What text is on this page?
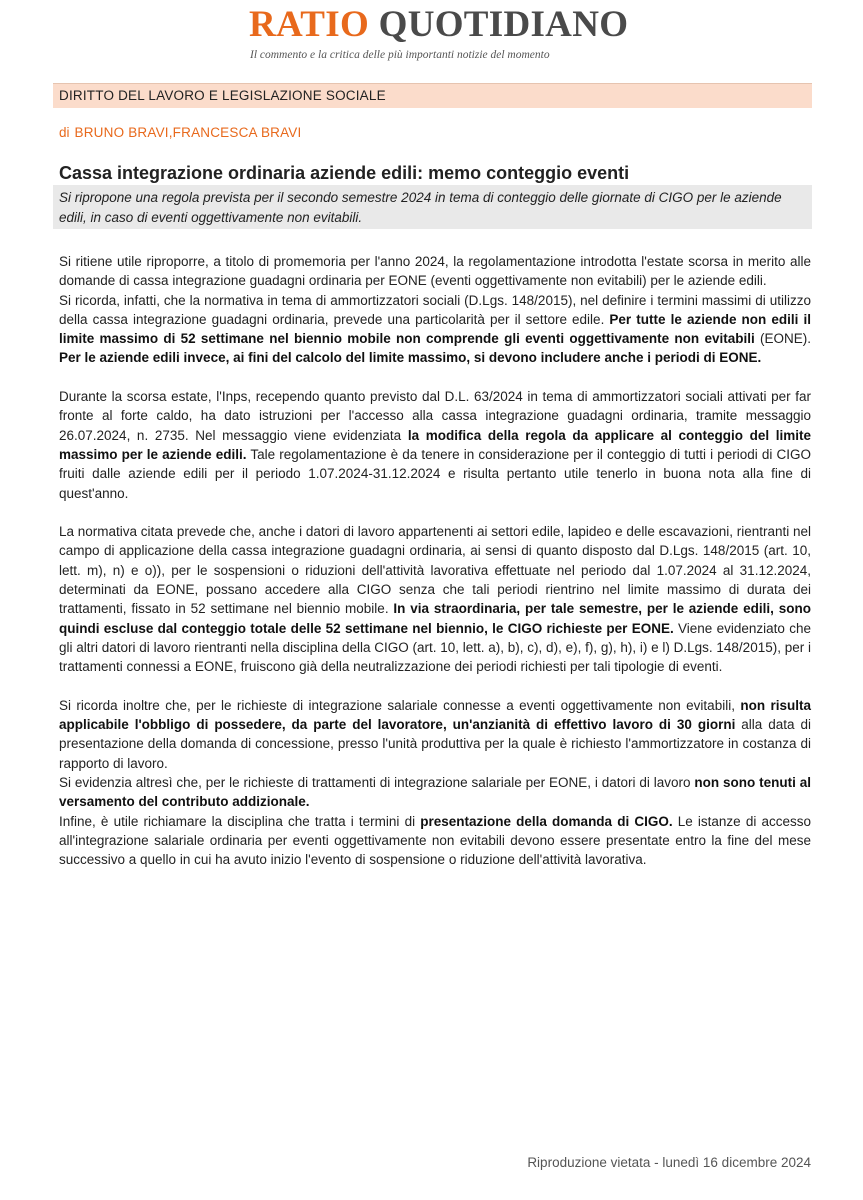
RATIO QUOTIDIANO
Il commento e la critica delle più importanti notizie del momento
DIRITTO DEL LAVORO E LEGISLAZIONE SOCIALE
di BRUNO BRAVI,FRANCESCA BRAVI
Cassa integrazione ordinaria aziende edili: memo conteggio eventi
Si ripropone una regola prevista per il secondo semestre 2024 in tema di conteggio delle giornate di CIGO per le aziende edili, in caso di eventi oggettivamente non evitabili.

Si ritiene utile riproporre, a titolo di promemoria per l'anno 2024, la regolamentazione introdotta l'estate scorsa in merito alle domande di cassa integrazione guadagni ordinaria per EONE (eventi oggettivamente non evitabili) per le aziende edili.

Si ricorda, infatti, che la normativa in tema di ammortizzatori sociali (D.Lgs. 148/2015), nel definire i termini massimi di utilizzo della cassa integrazione guadagni ordinaria, prevede una particolarità per il settore edile. Per tutte le aziende non edili il limite massimo di 52 settimane nel biennio mobile non comprende gli eventi oggettivamente non evitabili (EONE). Per le aziende edili invece, ai fini del calcolo del limite massimo, si devono includere anche i periodi di EONE.

Durante la scorsa estate, l'Inps, recependo quanto previsto dal D.L. 63/2024 in tema di ammortizzatori sociali attivati per far fronte al forte caldo, ha dato istruzioni per l'accesso alla cassa integrazione guadagni ordinaria, tramite messaggio 26.07.2024, n. 2735. Nel messaggio viene evidenziata la modifica della regola da applicare al conteggio del limite massimo per le aziende edili. Tale regolamentazione è da tenere in considerazione per il conteggio di tutti i periodi di CIGO fruiti dalle aziende edili per il periodo 1.07.2024-31.12.2024 e risulta pertanto utile tenerlo in buona nota alla fine di quest'anno.

La normativa citata prevede che, anche i datori di lavoro appartenenti ai settori edile, lapideo e delle escavazioni, rientranti nel campo di applicazione della cassa integrazione guadagni ordinaria, ai sensi di quanto disposto dal D.Lgs. 148/2015 (art. 10, lett. m), n) e o)), per le sospensioni o riduzioni dell'attività lavorativa effettuate nel periodo dal 1.07.2024 al 31.12.2024, determinati da EONE, possano accedere alla CIGO senza che tali periodi rientrino nel limite massimo di durata dei trattamenti, fissato in 52 settimane nel biennio mobile. In via straordinaria, per tale semestre, per le aziende edili, sono quindi escluse dal conteggio totale delle 52 settimane nel biennio, le CIGO richieste per EONE. Viene evidenziato che gli altri datori di lavoro rientranti nella disciplina della CIGO (art. 10, lett. a), b), c), d), e), f), g), h), i) e l) D.Lgs. 148/2015), per i trattamenti connessi a EONE, fruiscono già della neutralizzazione dei periodi richiesti per tali tipologie di eventi.

Si ricorda inoltre che, per le richieste di integrazione salariale connesse a eventi oggettivamente non evitabili, non risulta applicabile l'obbligo di possedere, da parte del lavoratore, un'anzianità di effettivo lavoro di 30 giorni alla data di presentazione della domanda di concessione, presso l'unità produttiva per la quale è richiesto l'ammortizzatore in costanza di rapporto di lavoro.

Si evidenzia altresì che, per le richieste di trattamenti di integrazione salariale per EONE, i datori di lavoro non sono tenuti al versamento del contributo addizionale.

Infine, è utile richiamare la disciplina che tratta i termini di presentazione della domanda di CIGO. Le istanze di accesso all'integrazione salariale ordinaria per eventi oggettivamente non evitabili devono essere presentate entro la fine del mese successivo a quello in cui ha avuto inizio l'evento di sospensione o riduzione dell'attività lavorativa.

Riproduzione vietata - lunedì 16 dicembre 2024
